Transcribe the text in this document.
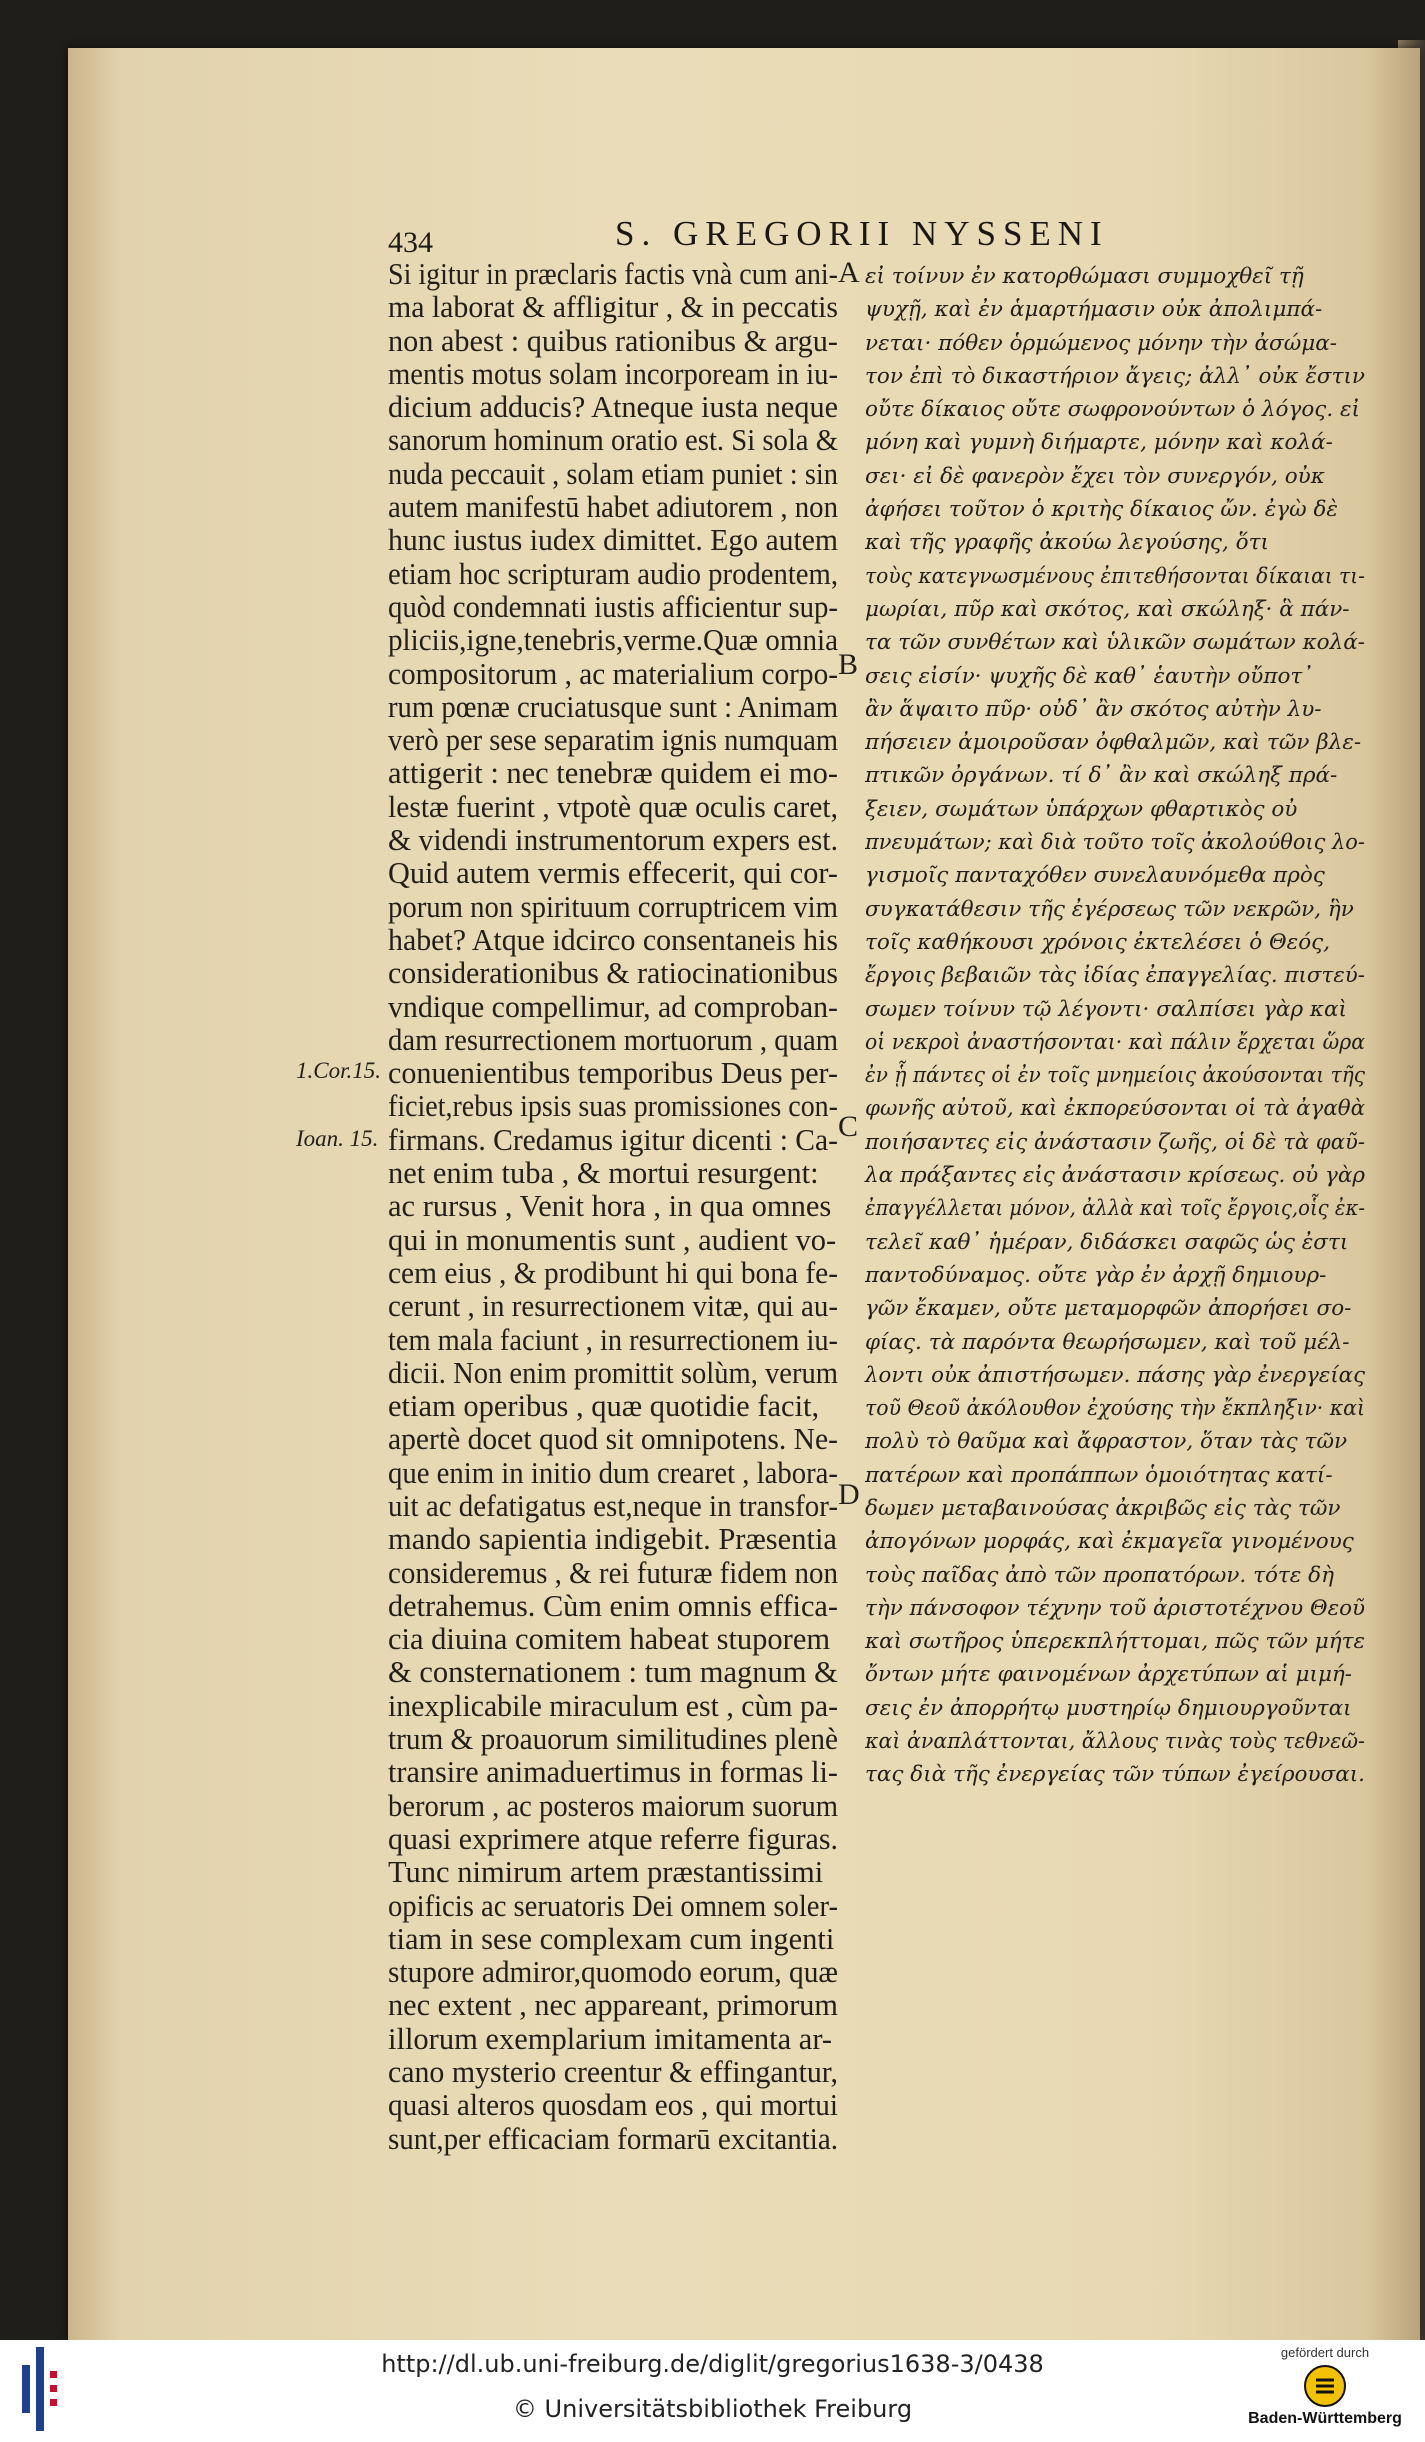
434	S. GREGORII NYSSENI
Si igitur in præclaris factis vnà cum ani-
ma laborat & affligitur , & in peccatis
non abest : quibus rationibus & argu-
mentis motus solam incorpoream in iu-
dicium adducis? Atneque iusta neque
sanorum hominum oratio est. Si sola &
nuda peccauit , solam etiam puniet : sin
autem manifestū habet adiutorem , non
hunc iustus iudex dimittet. Ego autem
etiam hoc scripturam audio prodentem,
quòd condemnati iustis afficientur sup-
pliciis,igne,tenebris,verme.Quæ omnia
compositorum , ac materialium corpo-
rum pœnæ cruciatusque sunt : Animam
verò per sese separatim ignis numquam
attigerit : nec tenebræ quidem ei mo-
lestæ fuerint , vtpotè quæ oculis caret,
& videndi instrumentorum expers est.
Quid autem vermis effecerit, qui cor-
porum non spirituum corruptricem vim
habet? Atque idcirco consentaneis his
considerationibus & ratiocinationibus
vndique compellimur, ad comproban-
dam resurrectionem mortuorum , quam
conuenientibus temporibus Deus per-
ficiet,rebus ipsis suas promissiones con-
firmans. Credamus igitur dicenti : Ca-
net enim tuba , & mortui resurgent:
ac rursus , Venit hora , in qua omnes
qui in monumentis sunt , audient vo-
cem eius , & prodibunt hi qui bona fe-
cerunt , in resurrectionem vitæ, qui au-
tem mala faciunt , in resurrectionem iu-
dicii. Non enim promittit solùm, verum
etiam operibus , quæ quotidie facit,
apertè docet quod sit omnipotens. Ne-
que enim in initio dum crearet , labora-
uit ac defatigatus est,neque in transfor-
mando sapientia indigebit. Præsentia
consideremus , & rei futuræ fidem non
detrahemus. Cùm enim omnis effica-
cia diuina comitem habeat stuporem
& consternationem : tum magnum &
inexplicabile miraculum est , cùm pa-
trum & proauorum similitudines plenè
transire animaduertimus in formas li-
berorum , ac posteros maiorum suorum
quasi exprimere atque referre figuras.
Tunc nimirum artem præstantissimi
opificis ac seruatoris Dei omnem soler-
tiam in sese complexam cum ingenti
stupore admiror,quomodo eorum, quæ
nec extent , nec appareant, primorum
illorum exemplarium imitamenta ar-
cano mysterio creentur & effingantur,
quasi alteros quosdam eos , qui mortui
sunt,per efficaciam formarū excitantia.
εἰ τοίνυν ἐν κατορθώμασι συμμοχθεῖ τῇ
ψυχῇ, καὶ ἐν ἁμαρτήμασιν οὐκ ἀπολιμπά-
νεται· πόθεν ὁρμώμενος μόνην τὴν ἀσώμα-
τον ἐπὶ τὸ δικαστήριον ἄγεις; ἀλλ᾽ οὐκ ἔστιν
οὔτε δίκαιος οὔτε σωφρονούντων ὁ λόγος. εἰ
μόνη καὶ γυμνὴ διήμαρτε, μόνην καὶ κολά-
σει· εἰ δὲ φανερὸν ἔχει τὸν συνεργόν, οὐκ
ἀφήσει τοῦτον ὁ κριτὴς δίκαιος ὤν. ἐγὼ δὲ
καὶ τῆς γραφῆς ἀκούω λεγούσης, ὅτι
τοὺς κατεγνωσμένους ἐπιτεθήσονται δίκαιαι τι-
μωρίαι, πῦρ καὶ σκότος, καὶ σκώληξ· ἃ πάν-
τα τῶν συνθέτων καὶ ὑλικῶν σωμάτων κολά-
σεις εἰσίν· ψυχῆς δὲ καθ᾽ ἑαυτὴν οὔποτ᾽
ἂν ἅψαιτο πῦρ· οὐδ᾽ ἂν σκότος αὐτὴν λυ-
πήσειεν ἀμοιροῦσαν ὀφθαλμῶν, καὶ τῶν βλε-
πτικῶν ὀργάνων. τί δ᾽ ἂν καὶ σκώληξ πρά-
ξειεν, σωμάτων ὑπάρχων φθαρτικὸς οὐ
πνευμάτων; καὶ διὰ τοῦτο τοῖς ἀκολούθοις λο-
γισμοῖς πανταχόθεν συνελαυνόμεθα πρὸς
συγκατάθεσιν τῆς ἐγέρσεως τῶν νεκρῶν, ἣν
τοῖς καθήκουσι χρόνοις ἐκτελέσει ὁ Θεός,
ἔργοις βεβαιῶν τὰς ἰδίας ἐπαγγελίας. πιστεύ-
σωμεν τοίνυν τῷ λέγοντι· σαλπίσει γὰρ καὶ
οἱ νεκροὶ ἀναστήσονται· καὶ πάλιν ἔρχεται ὥρα
ἐν ᾗ πάντες οἱ ἐν τοῖς μνημείοις ἀκούσονται τῆς
φωνῆς αὐτοῦ, καὶ ἐκπορεύσονται οἱ τὰ ἀγαθὰ
ποιήσαντες εἰς ἀνάστασιν ζωῆς, οἱ δὲ τὰ φαῦ-
λα πράξαντες εἰς ἀνάστασιν κρίσεως. οὐ γὰρ
ἐπαγγέλλεται μόνον, ἀλλὰ καὶ τοῖς ἔργοις,οἷς ἐκ-
τελεῖ καθ᾽ ἡμέραν, διδάσκει σαφῶς ὡς ἐστι
παντοδύναμος. οὔτε γὰρ ἐν ἀρχῇ δημιουρ-
γῶν ἔκαμεν, οὔτε μεταμορφῶν ἀπορήσει σο-
φίας. τὰ παρόντα θεωρήσωμεν, καὶ τοῦ μέλ-
λοντι οὐκ ἀπιστήσωμεν. πάσης γὰρ ἐνεργείας
τοῦ Θεοῦ ἀκόλουθον ἐχούσης τὴν ἔκπληξιν· καὶ
πολὺ τὸ θαῦμα καὶ ἄφραστον, ὅταν τὰς τῶν
πατέρων καὶ προπάππων ὁμοιότητας κατί-
δωμεν μεταβαινούσας ἀκριβῶς εἰς τὰς τῶν
ἀπογόνων μορφάς, καὶ ἐκμαγεῖα γινομένους
τοὺς παῖδας ἀπὸ τῶν προπατόρων. τότε δὴ
τὴν πάνσοφον τέχνην τοῦ ἀριστοτέχνου Θεοῦ
καὶ σωτῆρος ὑπερεκπλήττομαι, πῶς τῶν μήτε
ὄντων μήτε φαινομένων ἀρχετύπων αἱ μιμή-
σεις ἐν ἀπορρήτῳ μυστηρίῳ δημιουργοῦνται
καὶ ἀναπλάττονται, ἄλλους τινὰς τοὺς τεθνεῶ-
τας διὰ τῆς ἐνεργείας τῶν τύπων ἐγείρουσαι.
A
B
C
D
1.Cor.15.
Ioan. 15.
http://dl.ub.uni-freiburg.de/diglit/gregorius1638-3/0438
© Universitätsbibliothek Freiburg
gefördert durch
Baden-Württemberg
